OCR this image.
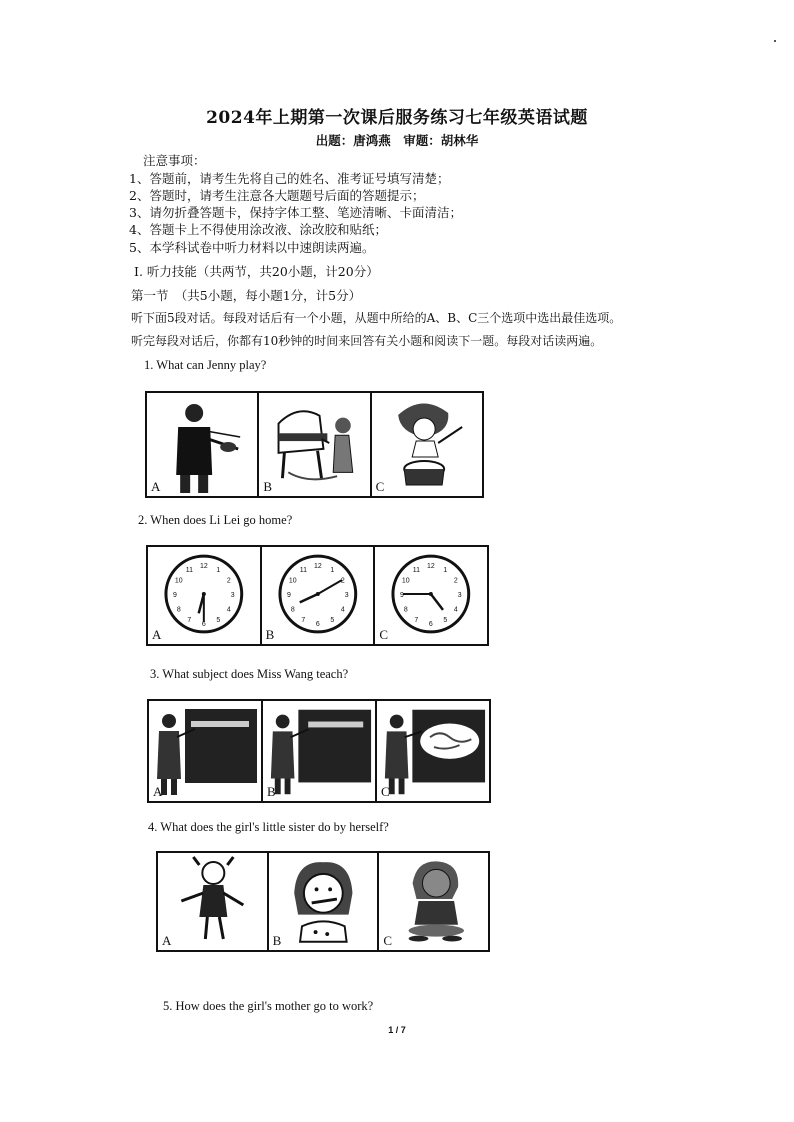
2024年上期第一次课后服务练习七年级英语试题
出题：唐鸿燕　审题：胡林华
注意事项：
1、答题前，请考生先将自己的姓名、准考证号填写清楚；
2、答题时，请考生注意各大题题号后面的答题提示；
3、请勿折叠答题卡，保持字体工整、笔迹清晰、卡面清洁；
4、答题卡上不得使用涂改液、涂改胶和贴纸；
5、本学科试卷中听力材料以中速朗读两遍。
I. 听力技能（共两节，共20小题，计20分）
第一节　（共5小题，每小题1分，计5分）
听下面5段对话。每段对话后有一个小题，从题中所给的A、B、C三个选项中选出最佳选项。
听完每段对话后，你都有10秒钟的时间来回答有关小题和阅读下一题。每段对话读两遍。
1. What can Jenny play?
A	B	C
2. When does Li Lei go home?
1
2
3
4
5
6
7
8
9
10
11
12
A
1
2
3
4
5
6
7
8
9
10
11
12
B
1
2
3
4
5
6
7
8
9
10
11
12
C
3. What subject does Miss Wang teach?
A	B	C
4. What does the girl's little sister do by herself?
A	B	C
5. How does the girl's mother go to work?
1 / 7
